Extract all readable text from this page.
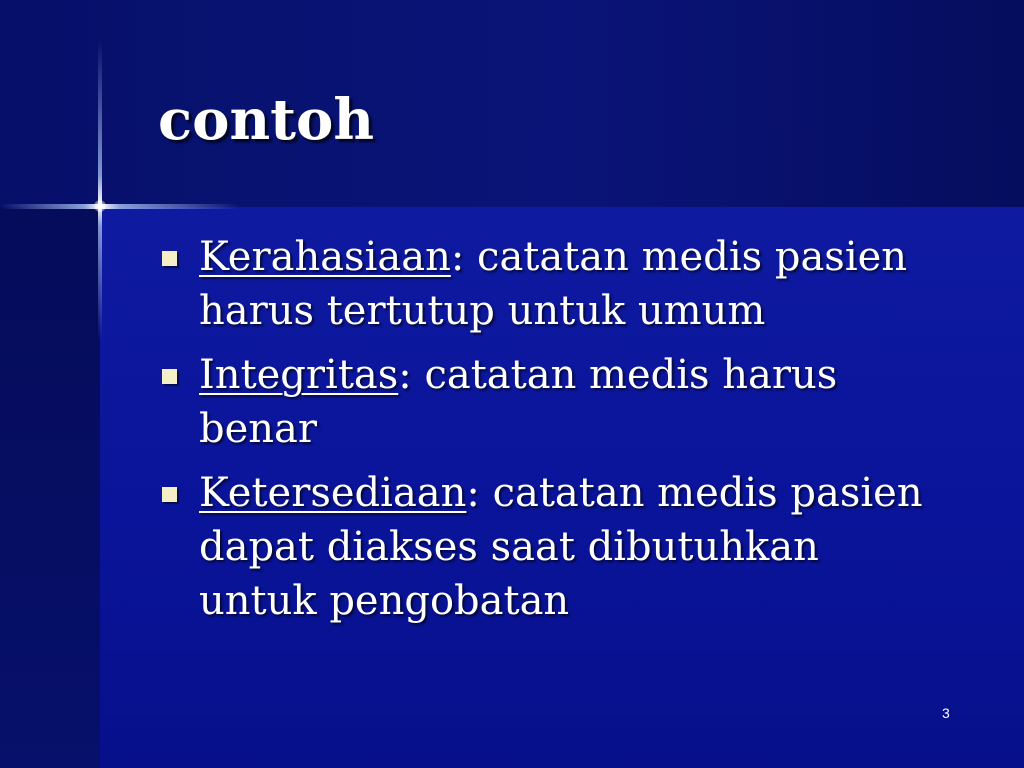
contoh
Kerahasiaan: catatan medis pasien harus tertutup untuk umum
Integritas: catatan medis harus benar
Ketersediaan: catatan medis pasien dapat diakses saat dibutuhkan untuk pengobatan
3
